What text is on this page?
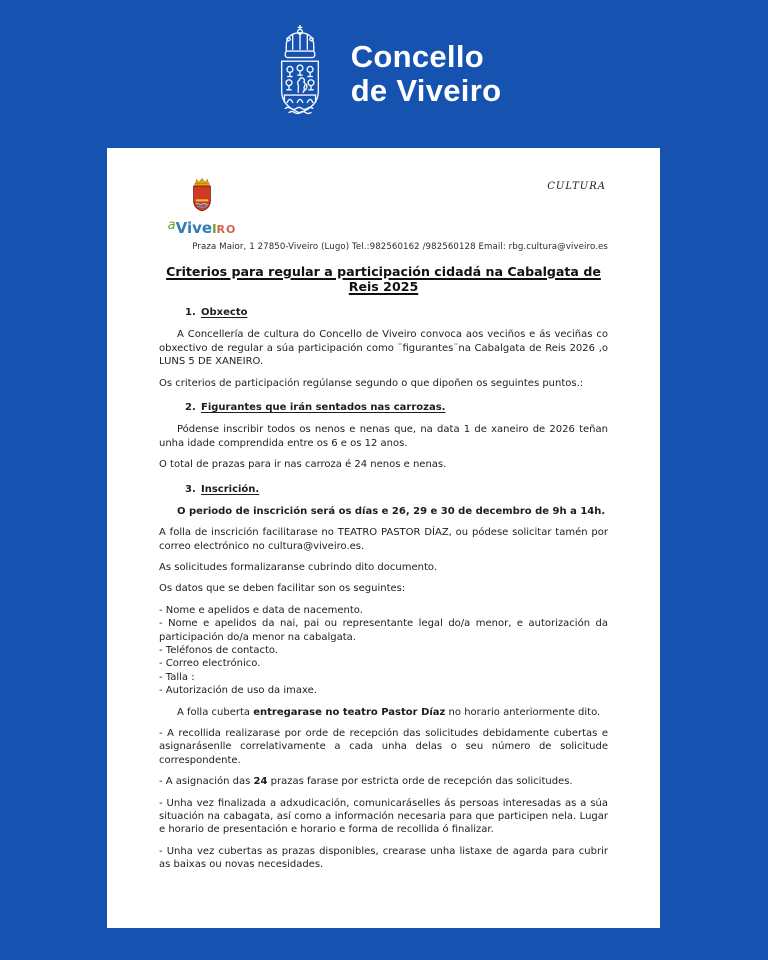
Concello
de Viveiro
$^a$ViveIRO
CULTURA
Praza Maior, 1 27850-Viveiro (Lugo) Tel.:982560162 /982560128 Email: rbg.cultura@viveiro.es
Criterios para regular a participación cidadá na Cabalgata de Reis 2025
1. Obxecto

A Concellería de cultura do Concello de Viveiro convoca aos veciños e ás veciñas co obxectivo de regular a súa participación como ¨figurantes¨na Cabalgata de Reis 2026 ,o LUNS 5 DE XANEIRO.

Os criterios de participación regúlanse segundo o que dipoñen os seguintes puntos.:

2. Figurantes que irán sentados nas carrozas.

Pódense inscribir todos os nenos e nenas que, na data 1 de xaneiro de 2026 teñan unha idade comprendida entre os 6 e os 12 anos.

O total de prazas para ir nas carroza é 24 nenos e nenas.

3. Inscrición.

O periodo de inscrición será os días e 26, 29 e 30 de decembro de 9h a 14h.

A folla de inscrición facilitarase no TEATRO PASTOR DÍAZ, ou pódese solicitar tamén por correo electrónico no cultura@viveiro.es.

As solicitudes formalizaranse cubrindo dito documento.

Os datos que se deben facilitar son os seguintes:

- Nome e apelidos e data de nacemento.

- Nome e apelidos da nai, pai ou representante legal do/a menor, e autorización da participación do/a menor na cabalgata.

- Teléfonos de contacto.

- Correo electrónico.

- Talla :

- Autorización de uso da imaxe.

A folla cuberta entregarase no teatro Pastor Díaz no horario anteriormente dito.

- A recollida realizarase por orde de recepción das solicitudes debidamente cubertas e asignarásenlle correlativamente a cada unha delas o seu número de solicitude correspondente.

- A asignación das 24 prazas farase por estricta orde de recepción das solicitudes.

- Unha vez finalizada a adxudicación, comunicaráselles ás persoas interesadas as a súa situación na cabagata, así como a información necesaria para que participen nela. Lugar e horario de presentación e horario e forma de recollida ó finalizar.

- Unha vez cubertas as prazas disponibles, crearase unha listaxe de agarda para cubrir as baixas ou novas necesidades.
